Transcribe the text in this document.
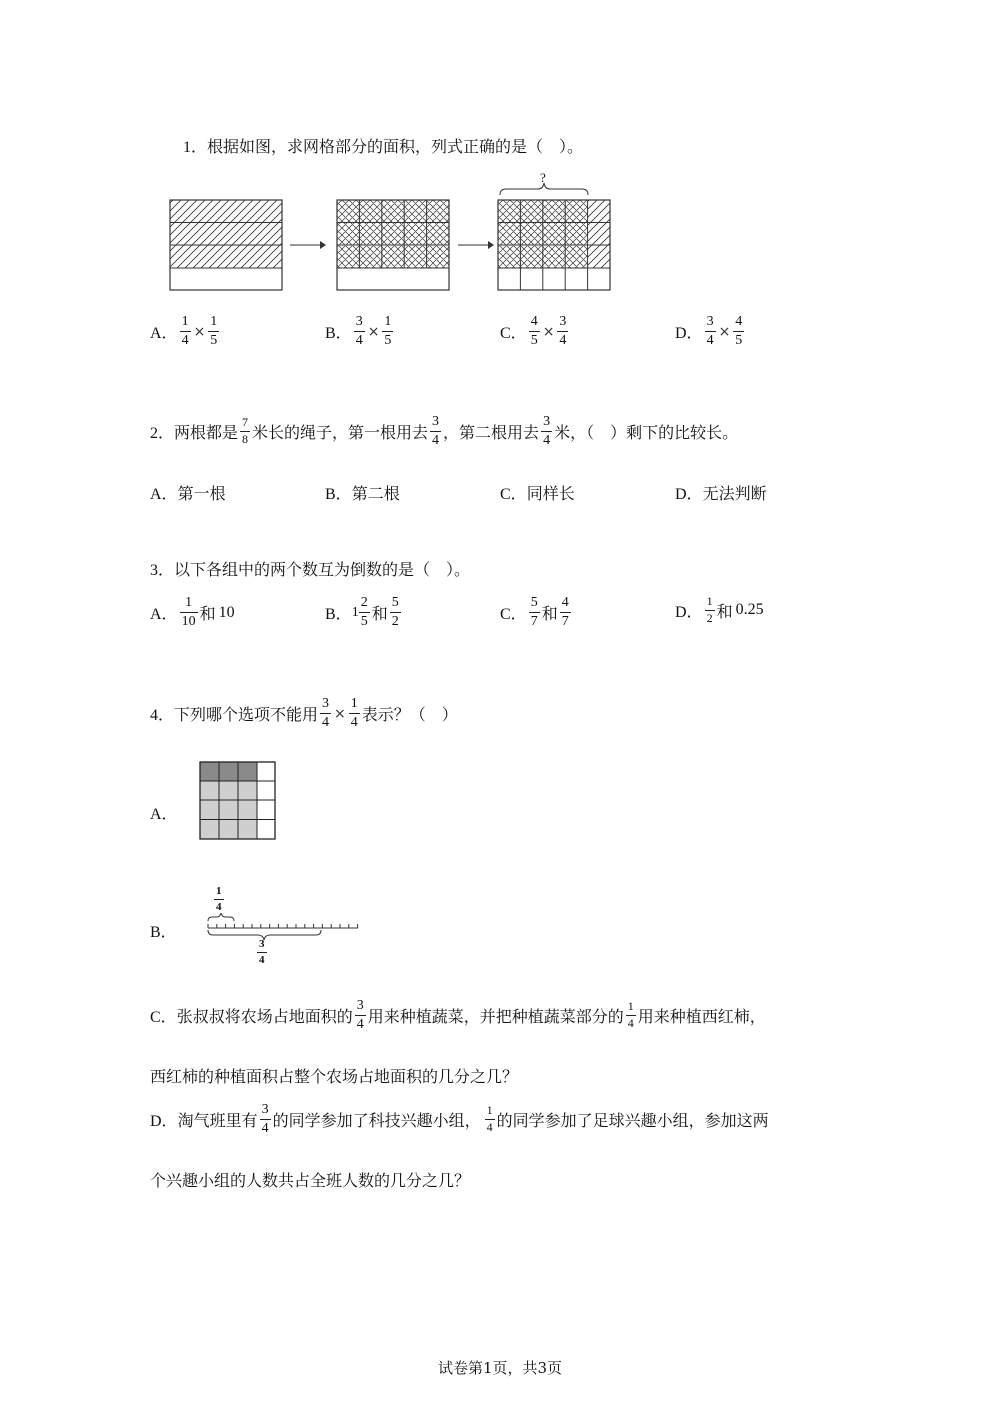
1． 根据如图，求网格部分的面积，列式正确的是（　）。
?
A． $\frac{1}{4} \times \frac{1}{5}$	B． $\frac{3}{4} \times \frac{1}{5}$	C． $\frac{4}{5} \times \frac{3}{4}$	D． $\frac{3}{4} \times \frac{4}{5}$
2． 两根都是 $\frac{7}{8}$ 米长的绳子，第一根用去 $\frac{3}{4}$ ，第二根用去 $\frac{3}{4}$ 米，（　）剩下的比较长。
A． 第一根	B． 第二根	C． 同样长	D． 无法判断
3． 以下各组中的两个数互为倒数的是（　）。
A． $\frac{1}{10}$ 和 10	B． $1 \frac{2}{5}$ 和 $\frac{5}{2}$	C． $\frac{5}{7}$ 和 $\frac{4}{7}$	D． $\frac{1}{2}$ 和 0.25
4． 下列哪个选项不能用 $\frac{3}{4} \times \frac{1}{4}$ 表示？（　）
A．
B．
$\frac{1}{4}$
$\frac{3}{4}$
C． 张叔叔将农场占地面积的 $\frac{3}{4}$ 用来种植蔬菜，并把种植蔬菜部分的 $\frac{1}{4}$ 用来种植西红柿，
西红柿的种植面积占整个农场占地面积的几分之几？
D． 淘气班里有 $\frac{3}{4}$ 的同学参加了科技兴趣小组， $\frac{1}{4}$ 的同学参加了足球兴趣小组，参加这两
个兴趣小组的人数共占全班人数的几分之几？
试卷第1页，共3页
